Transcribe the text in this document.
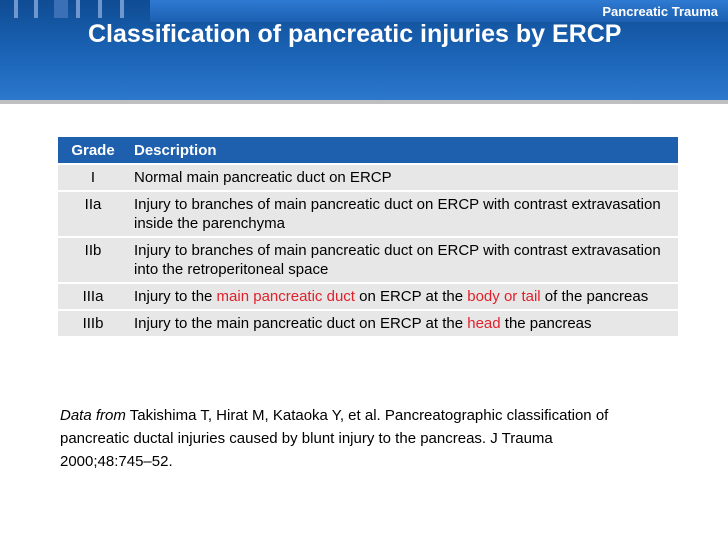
Pancreatic Trauma
Classification of pancreatic injuries by ERCP
Grade	Description
I	Normal main pancreatic duct on ERCP
IIa	Injury to branches of main pancreatic duct on ERCP with contrast extravasation inside the parenchyma
IIb	Injury to branches of main pancreatic duct on ERCP with contrast extravasation into the retroperitoneal space
IIIa	Injury to the main pancreatic duct on ERCP at the body or tail of the pancreas
IIIb	Injury to the main pancreatic duct on ERCP at the head the pancreas
Data from Takishima T, Hirat M, Kataoka Y, et al. Pancreatographic classification of pancreatic ductal injuries caused by blunt injury to the pancreas. J Trauma 2000;48:745–52.
